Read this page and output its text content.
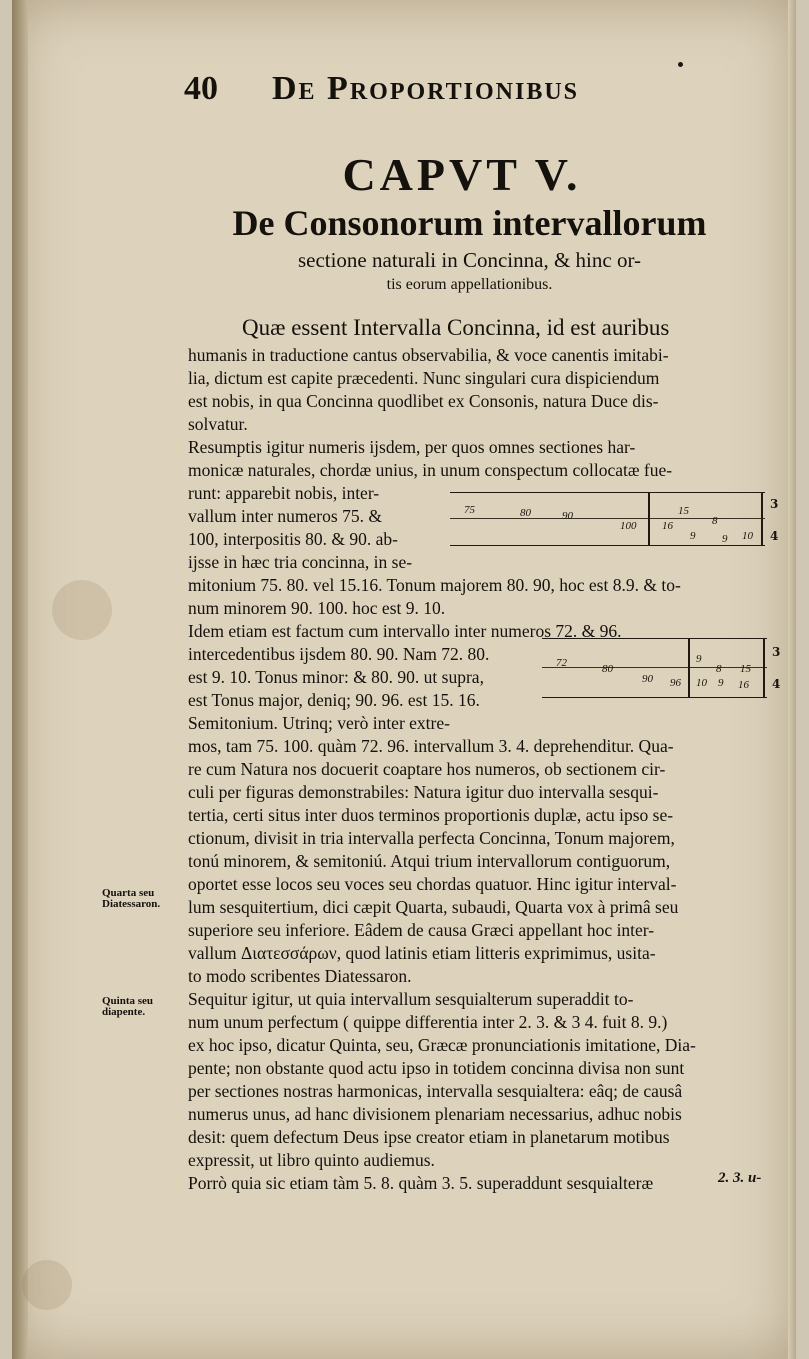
40 De Proportionibus
CAPVT V.
De Consonorum intervallorum
sectione naturali in Concinna, & hinc or-
tis eorum appellationibus.
Quæ essent Intervalla Concinna, id est auribus
humanis in traductione cantus observabilia, & voce canentis imitabi-
lia, dictum est capite præcedenti. Nunc singulari cura dispiciendum
est nobis, in qua Concinna quodlibet ex Consonis, natura Duce dis-
solvatur.
Resumptis igitur numeris ijsdem, per quos omnes sectiones har-
monicæ naturales, chordæ unius, in unum conspectum collocatæ fue-
runt: apparebit nobis, inter-
vallum inter numeros 75. &
100, interpositis 80. & 90. ab-
ijsse in hæc tria concinna, in se-
mitonium 75. 80. vel 15.16. Tonum majorem 80. 90, hoc est 8.9. & to-
num minorem 90. 100. hoc est 9. 10.
Idem etiam est factum cum intervallo inter numeros 72. & 96.
intercedentibus ijsdem 80. 90. Nam 72. 80.
est 9. 10. Tonus minor: & 80. 90. ut supra,
est Tonus major, deniq; 90. 96. est 15. 16.
Semitonium. Utrinq; verò inter extre-
mos, tam 75. 100. quàm 72. 96. intervallum 3. 4. deprehenditur. Qua-
re cum Natura nos docuerit coaptare hos numeros, ob sectionem cir-
culi per figuras demonstrabiles: Natura igitur duo intervalla sesqui-
tertia, certi situs inter duos terminos proportionis duplæ, actu ipso se-
ctionum, divisit in tria intervalla perfecta Concinna, Tonum majorem,
tonú minorem, & semitoniú. Atqui trium intervallorum contiguorum,
oportet esse locos seu voces seu chordas quatuor. Hinc igitur interval-
lum sesquitertium, dici cæpit Quarta, subaudi, Quarta vox à primâ seu
superiore seu inferiore. Eâdem de causa Græci appellant hoc inter-
vallum Διατεσσάρων, quod latinis etiam litteris exprimimus, usita-
to modo scribentes Diatessaron.
Sequitur igitur, ut quia intervallum sesquialterum superaddit to-
num unum perfectum ( quippe differentia inter 2. 3. & 3 4. fuit 8. 9.)
ex hoc ipso, dicatur Quinta, seu, Græcæ pronunciationis imitatione, Dia-
pente; non obstante quod actu ipso in totidem concinna divisa non sunt
per sectiones nostras harmonicas, intervalla sesquialtera: eâq; de causâ
numerus unus, ad hanc divisionem plenariam necessarius, adhuc nobis
desit: quem defectum Deus ipse creator etiam in planetarum motibus
expressit, ut libro quinto audiemus.
Porrò quia sic etiam tàm 5. 8. quàm 3. 5. superaddunt sesquialteræ
Quarta seu
Diatessaron.
Quinta seu
diapente.
75	80	90
100
15
8
9
16
9	10
3
4
72	80
90 96
9
8 15
10 9 16
3
4
2. 3. u-
